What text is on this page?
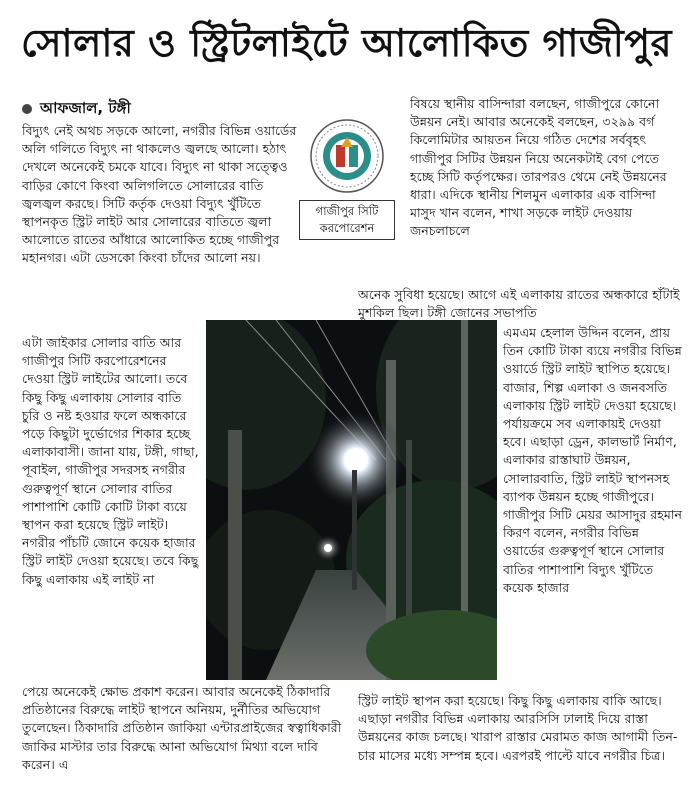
সোলার ও স্ট্রিটলাইটে আলোকিত গাজীপুর
আফজাল, টঙ্গী

বিদ্যুৎ নেই অথচ সড়কে আলো, নগরীর বিভিন্ন ওয়ার্ডের অলি গলিতে বিদ্যুৎ না থাকলেও জ্বলছে আলো। হঠাৎ দেখলে অনেকেই চমকে যাবে। বিদ্যুৎ না থাকা সত্ত্বেও বাড়ির কোণে কিংবা অলিগলিতে সোলারের বাতি জ্বলজ্বল করছে। সিটি কর্তৃক দেওয়া বিদ্যুৎ খুঁটিতে স্থাপনকৃত স্ট্রিট লাইট আর সোলারের বাতিতে জ্বলা আলোতে রাতের আঁধারে আলোকিত হচ্ছে গাজীপুর মহানগর। এটা ডেসকো কিংবা চাঁদের আলো নয়।

এটা জাইকার সোলার বাতি আর গাজীপুর সিটি করপোরেশনের দেওয়া স্ট্রিট লাইটের আলো। তবে কিছু কিছু এলাকায় সোলার বাতি চুরি ও নষ্ট হওয়ার ফলে অন্ধকারে পড়ে কিছুটা দুর্ভোগের শিকার হচ্ছে এলাকাবাসী। জানা যায়, টঙ্গী, গাছা, পূবাইল, গাজীপুর সদরসহ নগরীর গুরুত্বপূর্ণ স্থানে সোলার বাতির পাশাপাশি কোটি কোটি টাকা ব্যয়ে স্থাপন করা হয়েছে স্ট্রিট লাইট। নগরীর পাঁচটি জোনে কয়েক হাজার স্ট্রিট লাইট দেওয়া হয়েছে। তবে কিছু কিছু এলাকায় এই লাইট না

গাজীপুর সিটি করপোরেশন

বিষয়ে স্থানীয় বাসিন্দারা বলছেন, গাজীপুরে কোনো উন্নয়ন নেই। আবার অনেকেই বলছেন, ৩২৯৯ বর্গ কিলোমিটার আয়তন নিয়ে গঠিত দেশের সর্ববৃহৎ গাজীপুর সিটির উন্নয়ন নিয়ে অনেকটাই বেগ পেতে হচ্ছে সিটি কর্তৃপক্ষের। তারপরও থেমে নেই উন্নয়নের ধারা। এদিকে স্থানীয় শিলমুন এলাকার এক বাসিন্দা মাসুদ খান বলেন, শাখা সড়কে লাইট দেওয়ায় জনচলাচলে

অনেক সুবিধা হয়েছে। আগে এই এলাকায় রাতের অন্ধকারে হাঁটাই মুশকিল ছিল। টঙ্গী জোনের সভাপতি

এমএম হেলাল উদ্দিন বলেন, প্রায় তিন কোটি টাকা ব্যয়ে নগরীর বিভিন্ন ওয়ার্ডে স্ট্রিট লাইট স্থাপিত হয়েছে। বাজার, শিল্প এলাকা ও জনবসতি এলাকায় স্ট্রিট লাইট দেওয়া হয়েছে। পর্যায়ক্রমে সব এলাকায়ই দেওয়া হবে। এছাড়া ড্রেন, কালভার্ট নির্মাণ, এলাকার রাস্তাঘাট উন্নয়ন, সোলারবাতি, স্ট্রিট লাইট স্থাপনসহ ব্যাপক উন্নয়ন হচ্ছে গাজীপুরে। গাজীপুর সিটি মেয়র আসাদুর রহমান কিরণ বলেন, নগরীর বিভিন্ন ওয়ার্ডের গুরুত্বপূর্ণ স্থানে সোলার বাতির পাশাপাশি বিদ্যুৎ খুঁটিতে কয়েক হাজার

পেয়ে অনেকেই ক্ষোভ প্রকাশ করেন। আবার অনেকেই ঠিকাদারি প্রতিষ্ঠানের বিরুদ্ধে লাইট স্থাপনে অনিয়ম, দুর্নীতির অভিযোগ তুলেছেন। ঠিকাদারি প্রতিষ্ঠান জাকিয়া এন্টারপ্রাইজের স্বত্বাধিকারী জাকির মাস্টার তার বিরুদ্ধে আনা অভিযোগ মিথ্যা বলে দাবি করেন। এ

স্ট্রিট লাইট স্থাপন করা হয়েছে। কিছু কিছু এলাকায় বাকি আছে। এছাড়া নগরীর বিভিন্ন এলাকায় আরসিসি ঢালাই দিয়ে রাস্তা উন্নয়নের কাজ চলছে। খারাপ রাস্তার মেরামত কাজ আগামী তিন-চার মাসের মধ্যে সম্পন্ন হবে। এরপরই পাল্টে যাবে নগরীর চিত্র।
